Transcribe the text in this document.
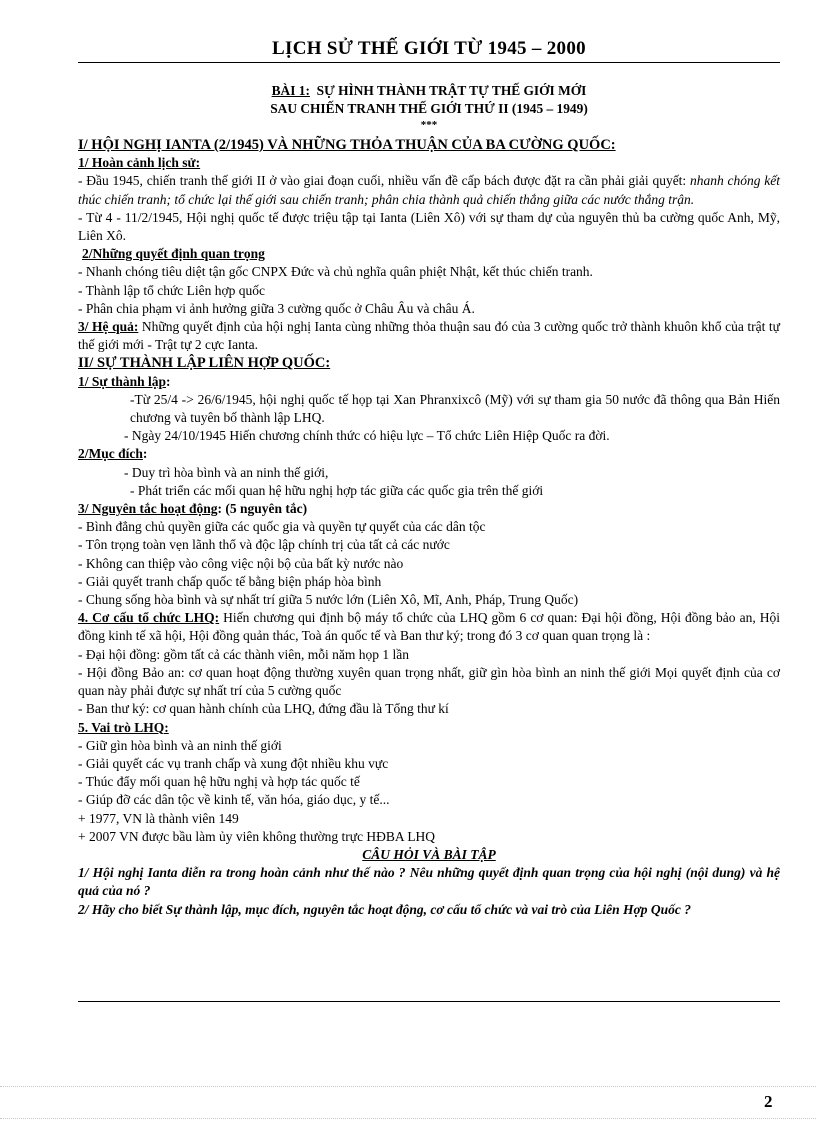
LỊCH SỬ THẾ GIỚI TỪ 1945 – 2000
BÀI 1: SỰ HÌNH THÀNH TRẬT TỰ THẾ GIỚI MỚI
SAU CHIẾN TRANH THẾ GIỚI THỨ II (1945 – 1949)
***

I/ HỘI NGHỊ IANTA (2/1945) VÀ NHỮNG THỎA THUẬN CỦA BA CƯỜNG QUỐC:

1/ Hoàn cảnh lịch sử:

- Đầu 1945, chiến tranh thế giới II ở vào giai đoạn cuối, nhiều vấn đề cấp bách được đặt ra cần phải giải quyết: nhanh chóng kết thúc chiến tranh; tổ chức lại thế giới sau chiến tranh; phân chia thành quả chiến thắng giữa các nước thắng trận.

- Từ 4 - 11/2/1945, Hội nghị quốc tế được triệu tập tại Ianta (Liên Xô) với sự tham dự của nguyên thủ ba cường quốc Anh, Mỹ, Liên Xô.

2/Những quyết định quan trọng

- Nhanh chóng tiêu diệt tận gốc CNPX Đức và chủ nghĩa quân phiệt Nhật, kết thúc chiến tranh.

- Thành lập tổ chức Liên hợp quốc

- Phân chia phạm vi ảnh hưởng giữa 3 cường quốc ở Châu Âu và châu Á.

3/ Hệ quả: Những quyết định của hội nghị Ianta cùng những thỏa thuận sau đó của 3 cường quốc trở thành khuôn khổ của trật tự thế giới mới - Trật tự 2 cực Ianta.

II/ SỰ THÀNH LẬP LIÊN HỢP QUỐC:

1/ Sự thành lập:

-Từ 25/4 -> 26/6/1945, hội nghị quốc tế họp tại Xan Phranxixcô (Mỹ) với sự tham gia 50 nước đã thông qua Bản Hiến chương và tuyên bố thành lập LHQ.

- Ngày 24/10/1945 Hiến chương chính thức có hiệu lực – Tổ chức Liên Hiệp Quốc ra đời.

2/Mục đích:

- Duy trì hòa bình và an ninh thế giới,

- Phát triển các mối quan hệ hữu nghị hợp tác giữa các quốc gia trên thế giới

3/ Nguyên tắc hoạt động: (5 nguyên tắc)

- Bình đẳng chủ quyền giữa các quốc gia và quyền tự quyết của các dân tộc

- Tôn trọng toàn vẹn lãnh thổ và độc lập chính trị của tất cả các nước

- Không can thiệp vào công việc nội bộ của bất kỳ nước nào

- Giải quyết tranh chấp quốc tế bằng biện pháp hòa bình

- Chung sống hòa bình và sự nhất trí giữa 5 nước lớn (Liên Xô, Mĩ, Anh, Pháp, Trung Quốc)

4. Cơ cấu tổ chức LHQ: Hiến chương qui định bộ máy tổ chức của LHQ gồm 6 cơ quan: Đại hội đồng, Hội đồng bảo an, Hội đồng kinh tế xã hội, Hội đồng quản thác, Toà án quốc tế và Ban thư ký; trong đó 3 cơ quan quan trọng là :

- Đại hội đồng: gồm tất cả các thành viên, mỗi năm họp 1 lần

- Hội đồng Bảo an: cơ quan hoạt động thường xuyên quan trọng nhất, giữ gìn hòa bình an ninh thế giới Mọi quyết định của cơ quan này phải được sự nhất trí của 5 cường quốc

- Ban thư ký: cơ quan hành chính của LHQ, đứng đầu là Tổng thư kí

5. Vai trò LHQ:

- Giữ gìn hòa bình và an ninh thế giới

- Giải quyết các vụ tranh chấp và xung đột nhiều khu vực

- Thúc đẩy mối quan hệ hữu nghị và hợp tác quốc tế

- Giúp đỡ các dân tộc về kinh tế, văn hóa, giáo dục, y tế...

+ 1977, VN là thành viên 149

+ 2007 VN được bầu làm ủy viên không thường trực HĐBA LHQ

CÂU HỎI VÀ BÀI TẬP

1/ Hội nghị Ianta diễn ra trong hoàn cảnh như thế nào ? Nêu những quyết định quan trọng của hội nghị (nội dung) và hệ quả của nó ?

2/ Hãy cho biết Sự thành lập, mục đích, nguyên tắc hoạt động, cơ cấu tổ chức và vai trò của Liên Hợp Quốc ?

2
